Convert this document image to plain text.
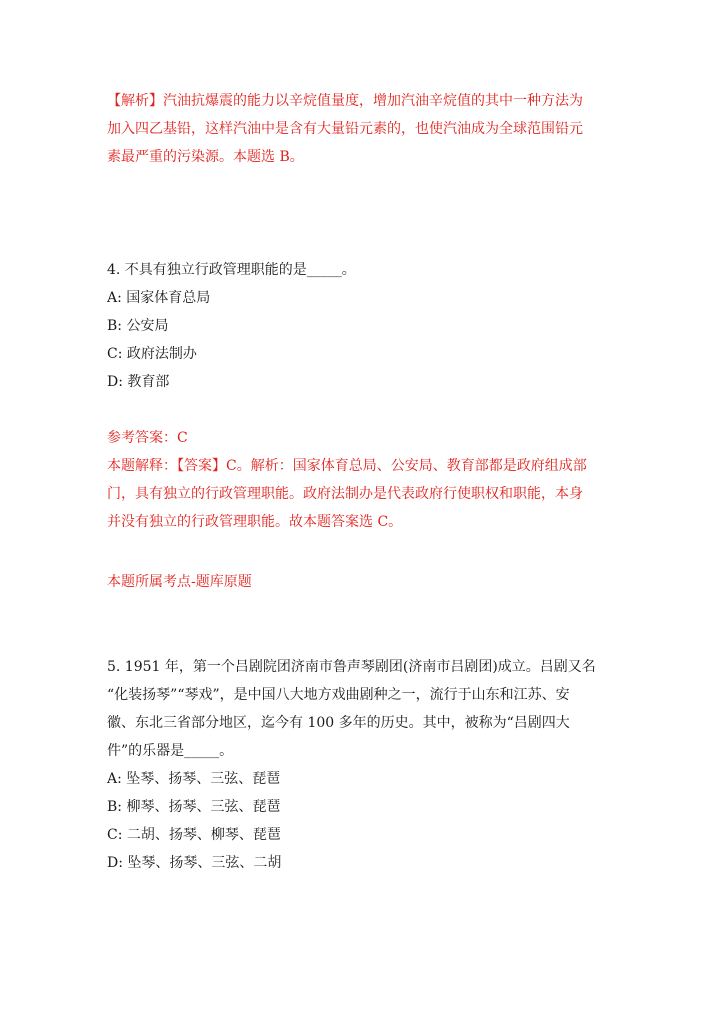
【解析】汽油抗爆震的能力以辛烷值量度，增加汽油辛烷值的其中一种方法为
加入四乙基铅，这样汽油中是含有大量铅元素的，也使汽油成为全球范围铅元
素最严重的污染源。本题选 B。
4. 不具有独立行政管理职能的是_____。
A: 国家体育总局
B: 公安局
C: 政府法制办
D: 教育部
参考答案：C
本题解释：【答案】C。解析：国家体育总局、公安局、教育部都是政府组成部
门，具有独立的行政管理职能。政府法制办是代表政府行使职权和职能，本身
并没有独立的行政管理职能。故本题答案选 C。
本题所属考点-题库原题
5. 1951 年，第一个吕剧院团济南市鲁声琴剧团(济南市吕剧团)成立。吕剧又名
“化装扬琴”“琴戏”，是中国八大地方戏曲剧种之一，流行于山东和江苏、安
徽、东北三省部分地区，迄今有 100 多年的历史。其中，被称为“吕剧四大
件”的乐器是_____。
A: 坠琴、扬琴、三弦、琵琶
B: 柳琴、扬琴、三弦、琵琶
C: 二胡、扬琴、柳琴、琵琶
D: 坠琴、扬琴、三弦、二胡
